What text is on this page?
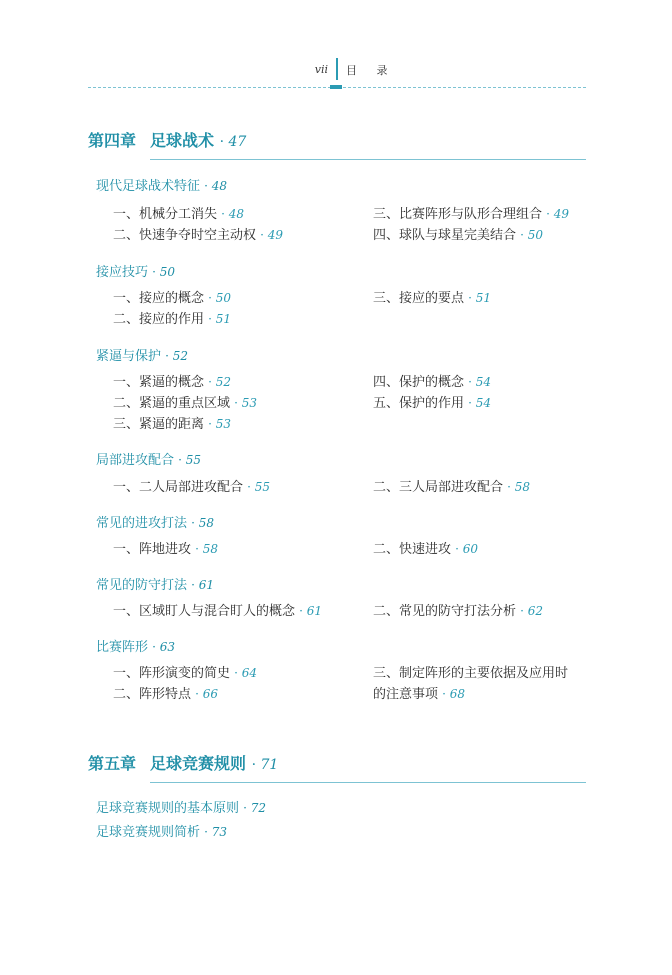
vii 目 录
第四章 足球战术 · 47
现代足球战术特征 · 48
一、机械分工消失 · 48
二、快速争夺时空主动权 · 49
三、比赛阵形与队形合理组合 · 49
四、球队与球星完美结合 · 50
接应技巧 · 50
一、接应的概念 · 50
二、接应的作用 · 51
三、接应的要点 · 51
紧逼与保护 · 52
一、紧逼的概念 · 52
二、紧逼的重点区域 · 53
三、紧逼的距离 · 53
四、保护的概念 · 54
五、保护的作用 · 54
局部进攻配合 · 55
一、二人局部进攻配合 · 55	二、三人局部进攻配合 · 58
常见的进攻打法 · 58
一、阵地进攻 · 58	二、快速进攻 · 60
常见的防守打法 · 61
一、区域盯人与混合盯人的概念 · 61	二、常见的防守打法分析 · 62
比赛阵形 · 63
一、阵形演变的简史 · 64
二、阵形特点 · 66
三、制定阵形的主要依据及应用时
的注意事项 · 68
第五章 足球竞赛规则 · 71
足球竞赛规则的基本原则 · 72
足球竞赛规则简析 · 73
